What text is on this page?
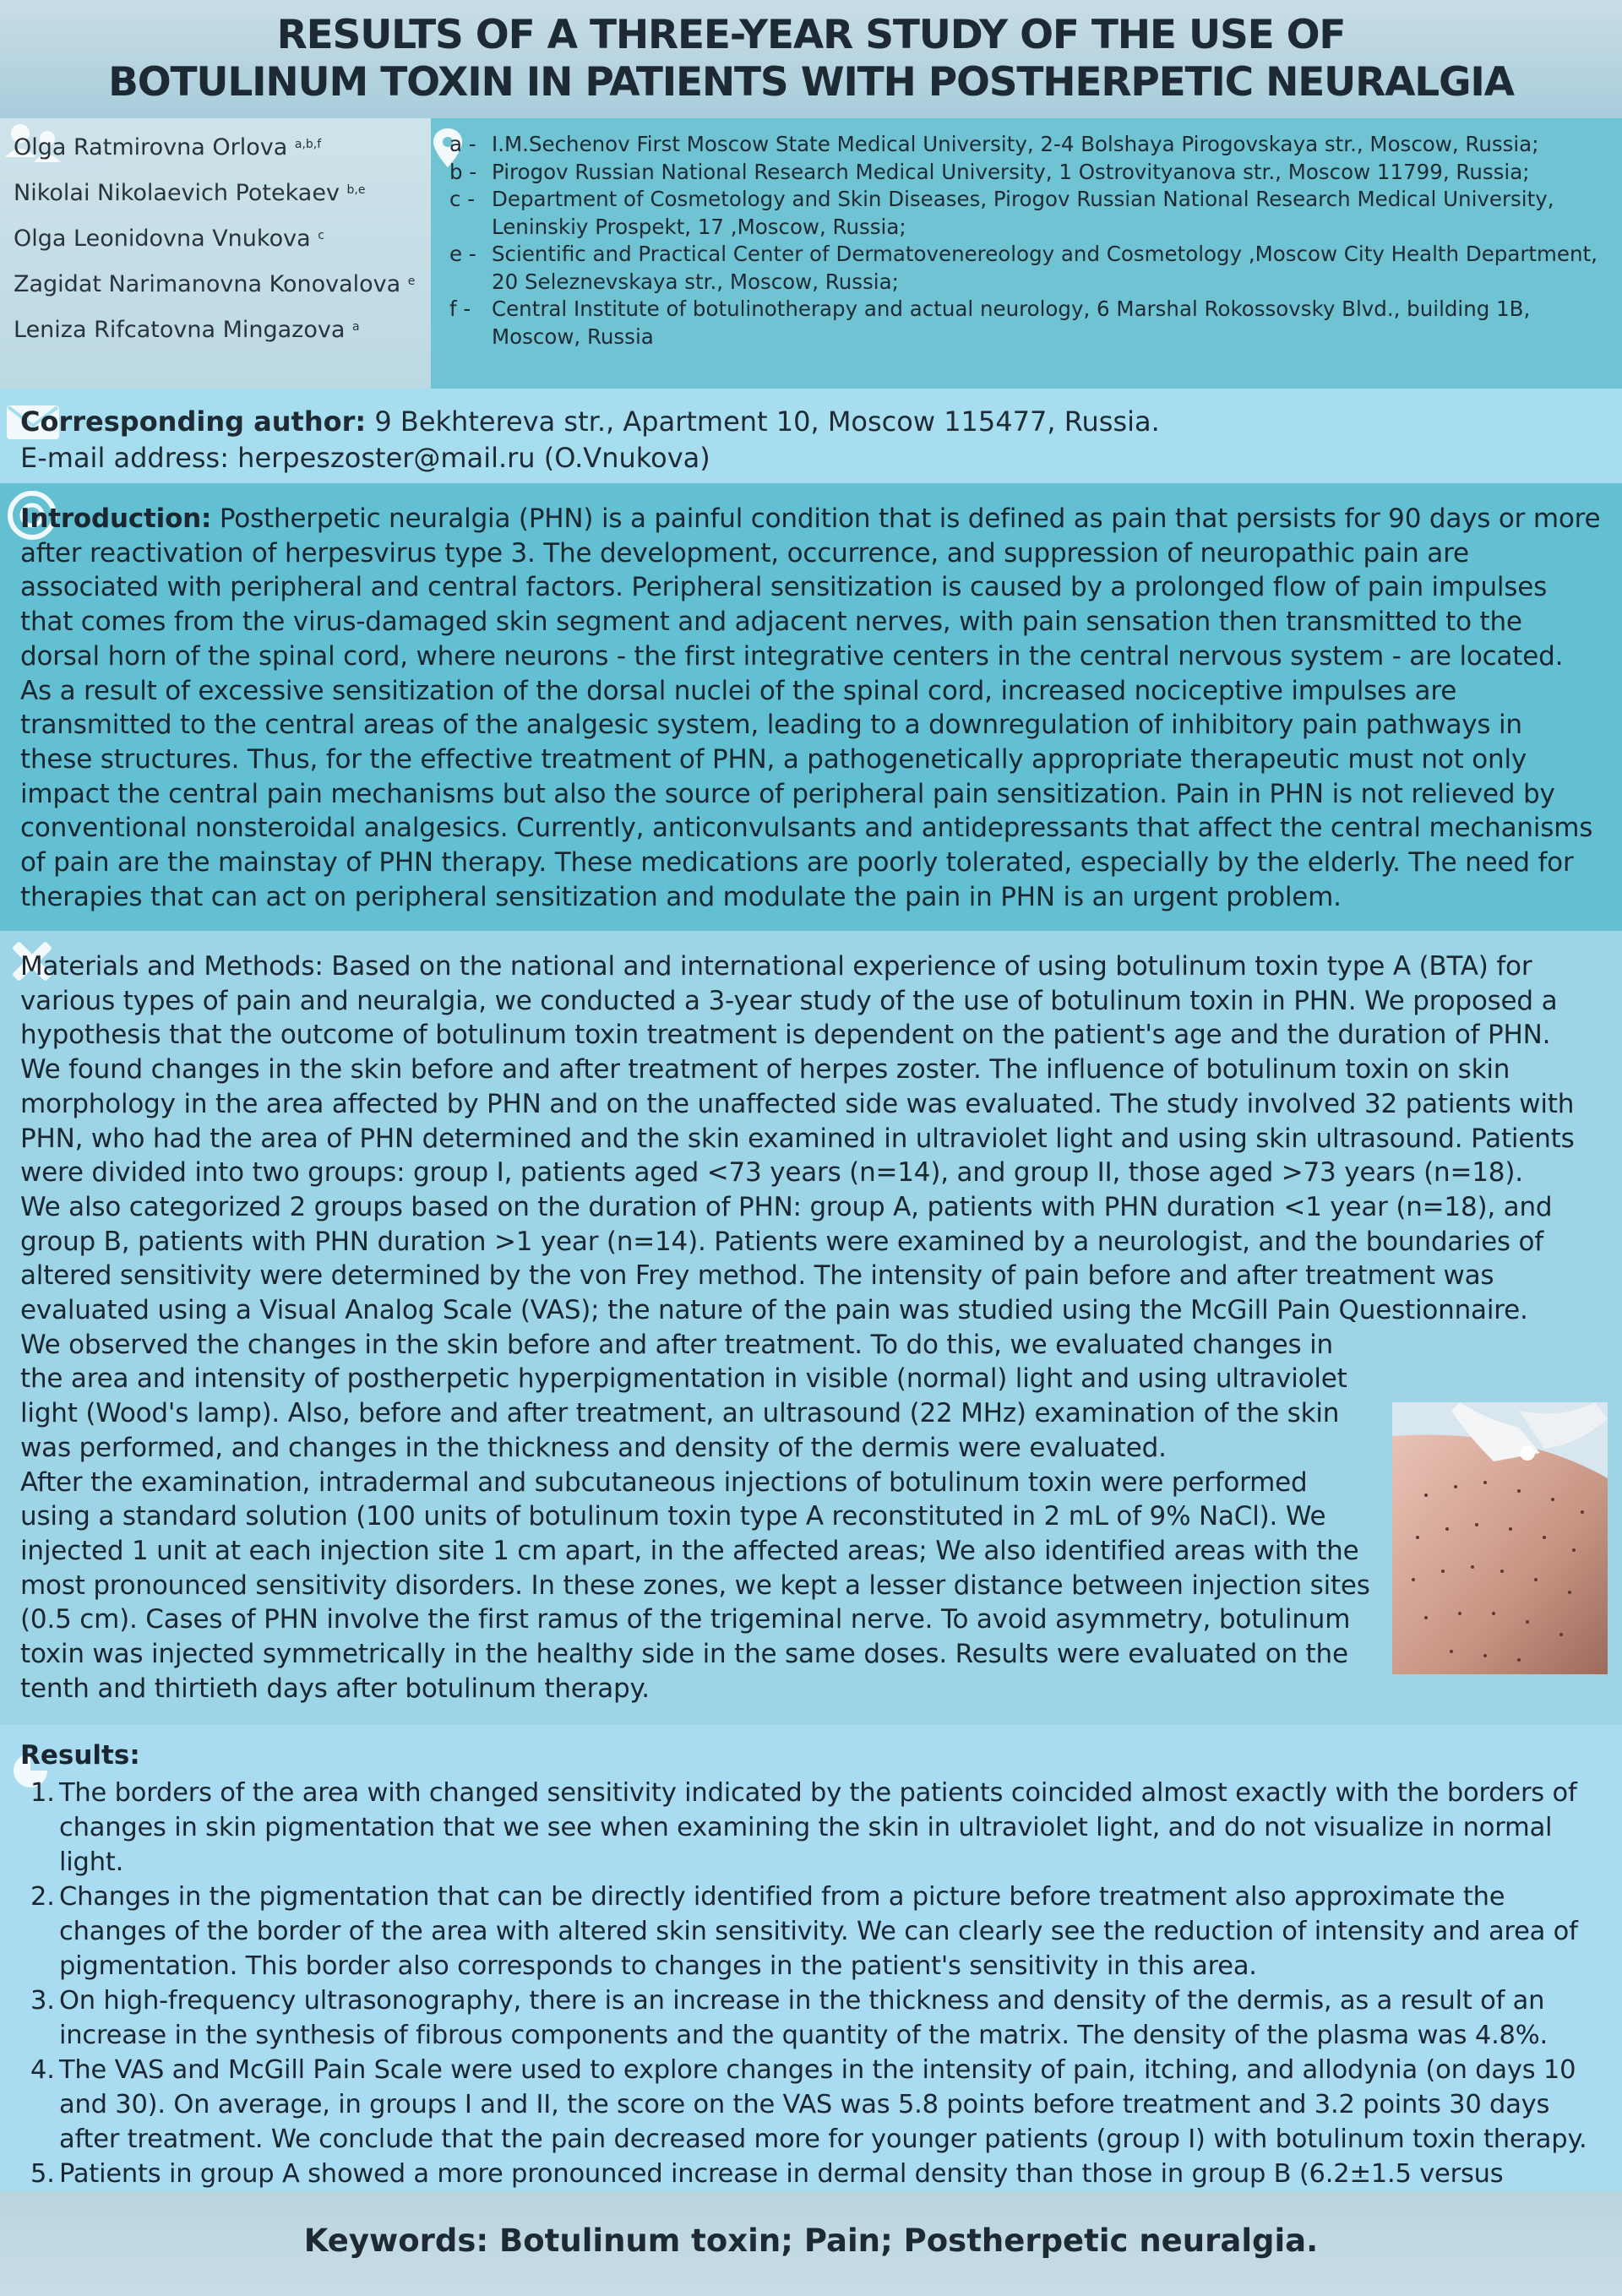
RESULTS OF A THREE-YEAR STUDY OF THE USE OF
BOTULINUM TOXIN IN PATIENTS WITH POSTHERPETIC NEURALGIA
Olga Ratmirovna Orlova $^{a,b,f}$
Nikolai Nikolaevich Potekaev $^{b,e}$
Olga Leonidovna Vnukova $^c$
Zagidat Narimanovna Konovalova $^e$
Leniza Rifcatovna Mingazova $^a$
a - I.M.Sechenov First Moscow State Medical University, 2-4 Bolshaya Pirogovskaya str., Moscow, Russia;
b - Pirogov Russian National Research Medical University, 1 Ostrovityanova str., Moscow 11799, Russia;
c - Department of Cosmetology and Skin Diseases, Pirogov Russian National Research Medical University, Leninskiy Prospekt, 17 ,Moscow, Russia;
e - Scientific and Practical Center of Dermatovenereology and Cosmetology ,Moscow City Health Department, 20 Seleznevskaya str., Moscow, Russia;
f - Central Institute of botulinotherapy and actual neurology, 6 Marshal Rokossovsky Blvd., building 1B, Moscow, Russia
Corresponding author: 9 Bekhtereva str., Apartment 10, Moscow 115477, Russia.
E-mail address: herpeszoster@mail.ru (O.Vnukova)
Introduction: Postherpetic neuralgia (PHN) is a painful condition that is defined as pain that persists for 90 days or more after reactivation of herpesvirus type 3. The development, occurrence, and suppression of neuropathic pain are associated with peripheral and central factors. Peripheral sensitization is caused by a prolonged flow of pain impulses that comes from the virus-damaged skin segment and adjacent nerves, with pain sensation then transmitted to the dorsal horn of the spinal cord, where neurons - the first integrative centers in the central nervous system - are located. As a result of excessive sensitization of the dorsal nuclei of the spinal cord, increased nociceptive impulses are transmitted to the central areas of the analgesic system, leading to a downregulation of inhibitory pain pathways in these structures. Thus, for the effective treatment of PHN, a pathogenetically appropriate therapeutic must not only impact the central pain mechanisms but also the source of peripheral pain sensitization. Pain in PHN is not relieved by conventional nonsteroidal analgesics. Currently, anticonvulsants and antidepressants that affect the central mechanisms of pain are the mainstay of PHN therapy. These medications are poorly tolerated, especially by the elderly. The need for therapies that can act on peripheral sensitization and modulate the pain in PHN is an urgent problem.
Materials and Methods: Based on the national and international experience of using botulinum toxin type A (BTA) for various types of pain and neuralgia, we conducted a 3-year study of the use of botulinum toxin in PHN. We proposed a hypothesis that the outcome of botulinum toxin treatment is dependent on the patient's age and the duration of PHN.
We found changes in the skin before and after treatment of herpes zoster. The influence of botulinum toxin on skin morphology in the area affected by PHN and on the unaffected side was evaluated. The study involved 32 patients with PHN, who had the area of PHN determined and the skin examined in ultraviolet light and using skin ultrasound. Patients were divided into two groups: group I, patients aged <73 years (n=14), and group II, those aged >73 years (n=18).
We also categorized 2 groups based on the duration of PHN: group A, patients with PHN duration <1 year (n=18), and group B, patients with PHN duration >1 year (n=14). Patients were examined by a neurologist, and the boundaries of altered sensitivity were determined by the von Frey method. The intensity of pain before and after treatment was evaluated using a Visual Analog Scale (VAS); the nature of the pain was studied using the McGill Pain Questionnaire.
We observed the changes in the skin before and after treatment. To do this, we evaluated changes in the area and intensity of postherpetic hyperpigmentation in visible (normal) light and using ultraviolet light (Wood's lamp). Also, before and after treatment, an ultrasound (22 MHz) examination of the skin was performed, and changes in the thickness and density of the dermis were evaluated.
After the examination, intradermal and subcutaneous injections of botulinum toxin were performed using a standard solution (100 units of botulinum toxin type A reconstituted in 2 mL of 9% NaCl). We injected 1 unit at each injection site 1 cm apart, in the affected areas; We also identified areas with the most pronounced sensitivity disorders. In these zones, we kept a lesser distance between injection sites (0.5 cm). Cases of PHN involve the first ramus of the trigeminal nerve. To avoid asymmetry, botulinum toxin was injected symmetrically in the healthy side in the same doses. Results were evaluated on the tenth and thirtieth days after botulinum therapy.
Results:
1. The borders of the area with changed sensitivity indicated by the patients coincided almost exactly with the borders of changes in skin pigmentation that we see when examining the skin in ultraviolet light, and do not visualize in normal light.
2. Changes in the pigmentation that can be directly identified from a picture before treatment also approximate the changes of the border of the area with altered skin sensitivity. We can clearly see the reduction of intensity and area of pigmentation. This border also corresponds to changes in the patient's sensitivity in this area.
3. On high-frequency ultrasonography, there is an increase in the thickness and density of the dermis, as a result of an increase in the synthesis of fibrous components and the quantity of the matrix. The density of the plasma was 4.8%.
4. The VAS and McGill Pain Scale were used to explore changes in the intensity of pain, itching, and allodynia (on days 10 and 30). On average, in groups I and II, the score on the VAS was 5.8 points before treatment and 3.2 points 30 days after treatment. We conclude that the pain decreased more for younger patients (group I) with botulinum toxin therapy.
5. Patients in group A showed a more pronounced increase in dermal density than those in group B (6.2±1.5 versus
Keywords: Botulinum toxin; Pain; Postherpetic neuralgia.
